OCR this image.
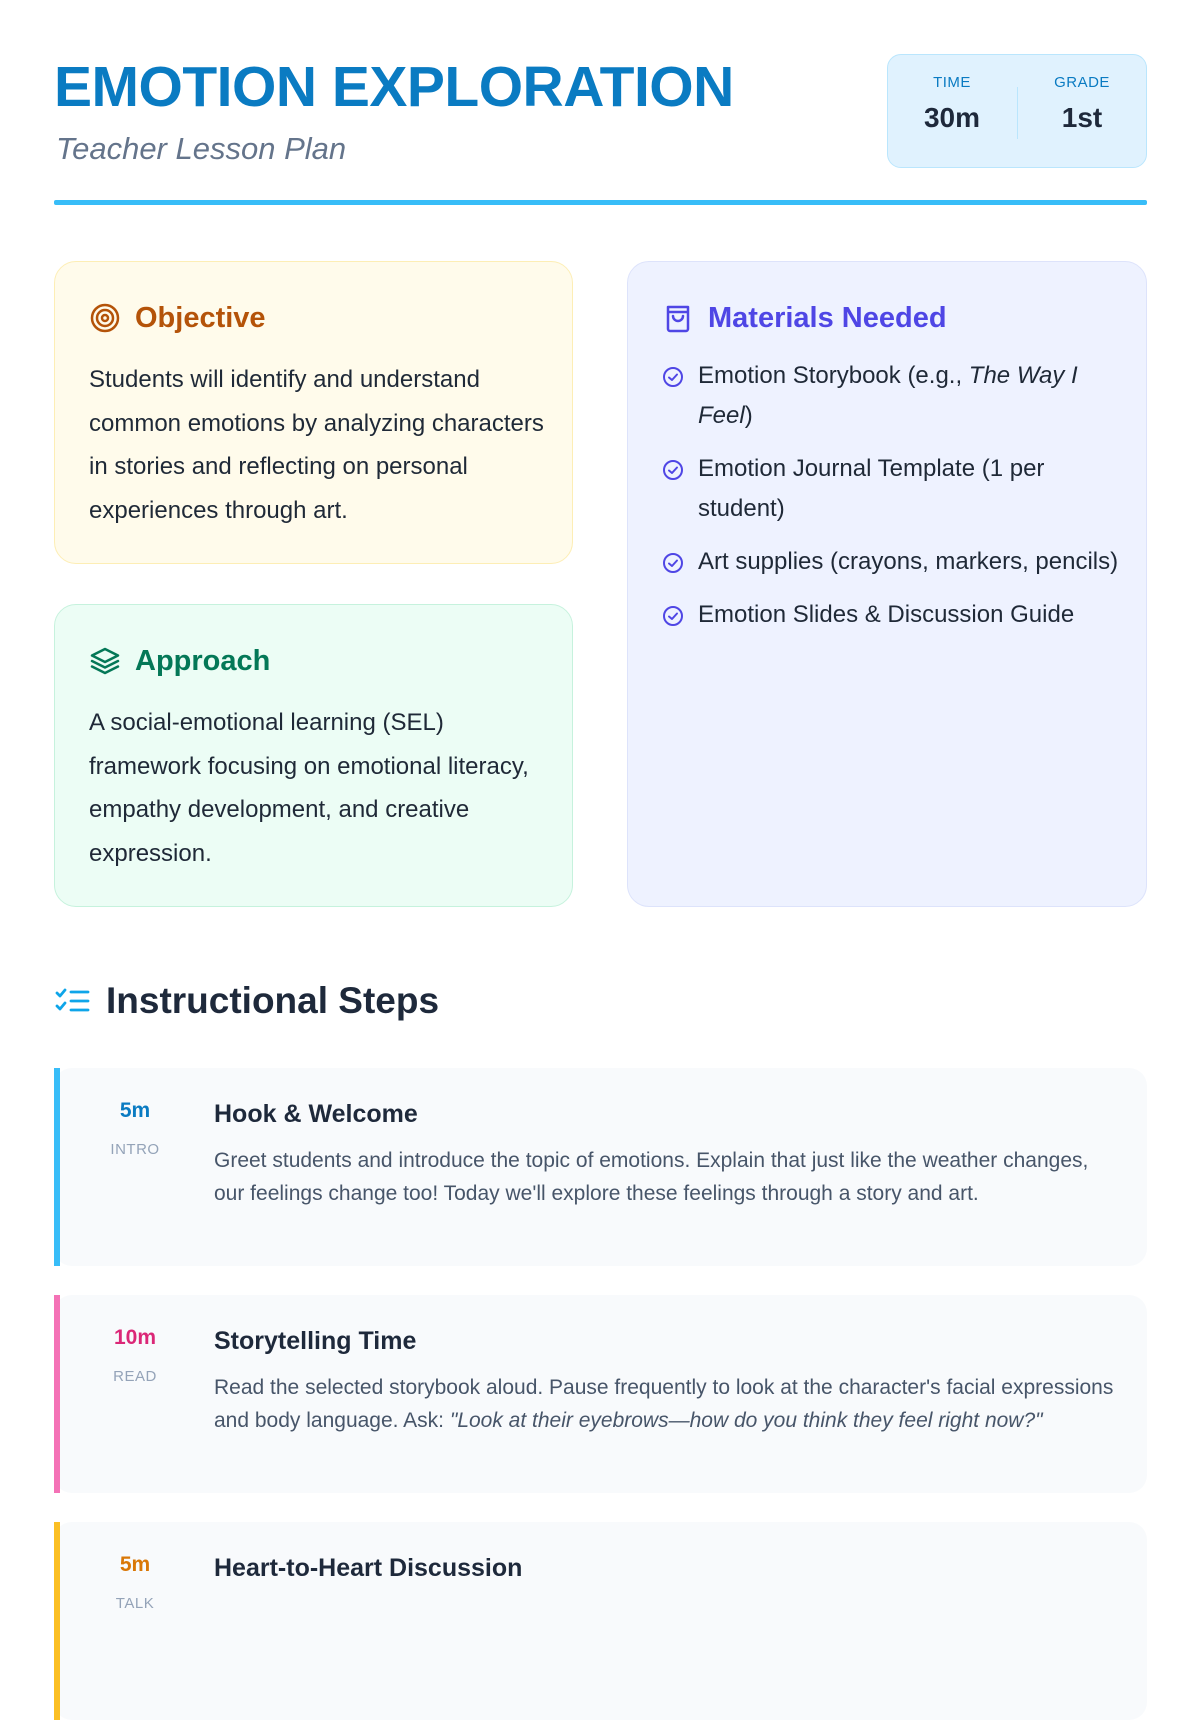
EMOTION EXPLORATION
Teacher Lesson Plan
TIME
30m
GRADE
1st
Objective

Students will identify and understand common emotions by analyzing characters in stories and reflecting on personal experiences through art.

Approach

A social-emotional learning (SEL) framework focusing on emotional literacy, empathy development, and creative expression.

Materials Needed
Emotion Storybook (e.g., The Way I Feel)
Emotion Journal Template (1 per student)
Art supplies (crayons, markers, pencils)
Emotion Slides & Discussion Guide
Instructional Steps
5m
INTRO
Hook & Welcome

Greet students and introduce the topic of emotions. Explain that just like the weather changes, our feelings change too! Today we'll explore these feelings through a story and art.

10m
READ
Storytelling Time

Read the selected storybook aloud. Pause frequently to look at the character's facial expressions and body language. Ask: "Look at their eyebrows—how do you think they feel right now?"

5m
TALK
Heart-to-Heart Discussion
